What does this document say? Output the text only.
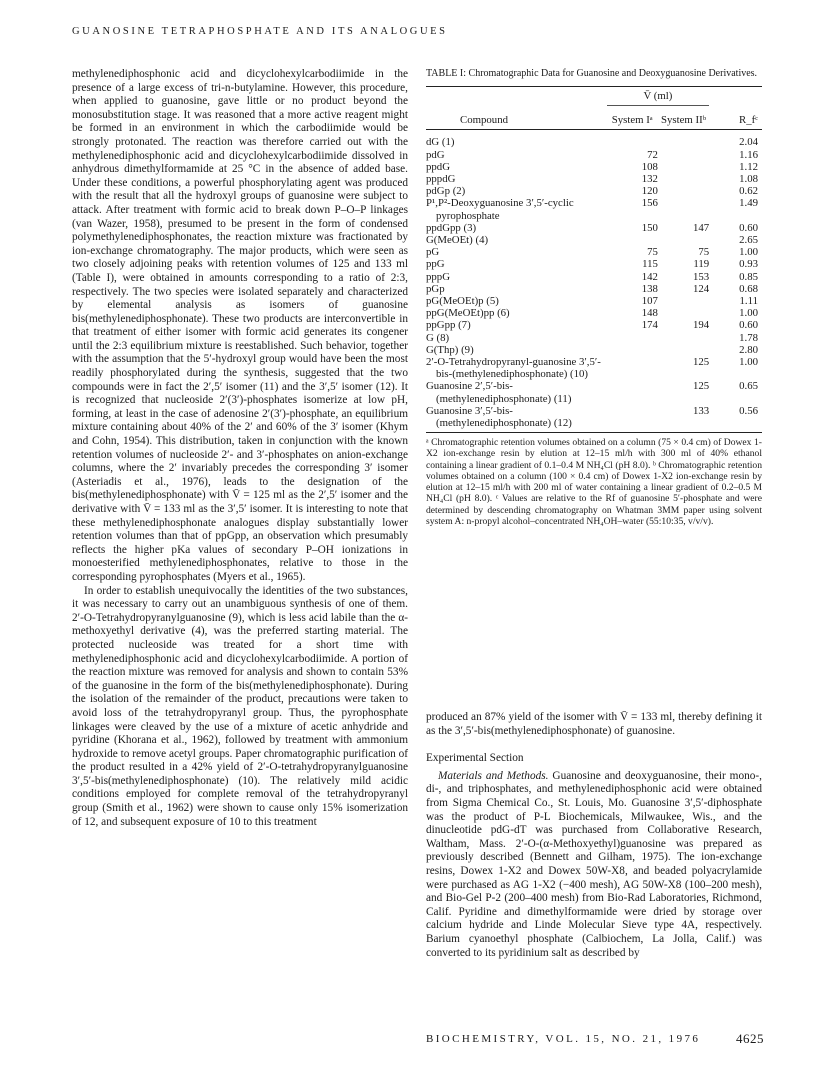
GUANOSINE TETRAPHOSPHATE AND ITS ANALOGUES

methylenediphosphonic acid and dicyclohexylcarbodiimide in the presence of a large excess of tri-n-butylamine. However, this procedure, when applied to guanosine, gave little or no product beyond the monosubstitution stage. It was reasoned that a more active reagent might be formed in an environment in which the carbodiimide would be strongly protonated. The reaction was therefore carried out with the methylenediphosphonic acid and dicyclohexylcarbodiimide dissolved in anhydrous dimethylformamide at 25 °C in the absence of added base. Under these conditions, a powerful phosphorylating agent was produced with the result that all the hydroxyl groups of guanosine were subject to attack. After treatment with formic acid to break down P–O–P linkages (van Wazer, 1958), presumed to be present in the form of condensed polymethylenediphosphonates, the reaction mixture was fractionated by ion-exchange chromatography. The major products, which were seen as two closely adjoining peaks with retention volumes of 125 and 133 ml (Table I), were obtained in amounts corresponding to a ratio of 2:3, respectively. The two species were isolated separately and characterized by elemental analysis as isomers of guanosine bis(methylenediphosphonate). These two products are interconvertible in that treatment of either isomer with formic acid generates its congener until the 2:3 equilibrium mixture is reestablished. Such behavior, together with the assumption that the 5′-hydroxyl group would have been the most readily phosphorylated during the synthesis, suggested that the two compounds were in fact the 2′,5′ isomer (11) and the 3′,5′ isomer (12). It is recognized that nucleoside 2′(3′)-phosphates isomerize at low pH, forming, at least in the case of adenosine 2′(3′)-phosphate, an equilibrium mixture containing about 40% of the 2′ and 60% of the 3′ isomer (Khym and Cohn, 1954). This distribution, taken in conjunction with the known retention volumes of nucleoside 2′- and 3′-phosphates on anion-exchange columns, where the 2′ invariably precedes the corresponding 3′ isomer (Asteriadis et al., 1976), leads to the designation of the bis(methylenediphosphonate) with V̄ = 125 ml as the 2′,5′ isomer and the derivative with V̄ = 133 ml as the 3′,5′ isomer. It is interesting to note that these methylenediphosphonate analogues display substantially lower retention volumes than that of ppGpp, an observation which presumably reflects the higher pKa values of secondary P–OH ionizations in monoesterified methylenediphosphonates, relative to those in the corresponding pyrophosphates (Myers et al., 1965).

In order to establish unequivocally the identities of the two substances, it was necessary to carry out an unambiguous synthesis of one of them. 2′-O-Tetrahydropyranylguanosine (9), which is less acid labile than the α-methoxyethyl derivative (4), was the preferred starting material. The protected nucleoside was treated for a short time with methylenediphosphonic acid and dicyclohexylcarbodiimide. A portion of the reaction mixture was removed for analysis and shown to contain 53% of the guanosine in the form of the bis(methylenediphosphonate). During the isolation of the remainder of the product, precautions were taken to avoid loss of the tetrahydropyranyl group. Thus, the pyrophosphate linkages were cleaved by the use of a mixture of acetic anhydride and pyridine (Khorana et al., 1962), followed by treatment with ammonium hydroxide to remove acetyl groups. Paper chromatographic purification of the product resulted in a 42% yield of 2′-O-tetrahydropyranylguanosine 3′,5′-bis(methylenediphosphonate) (10). The relatively mild acidic conditions employed for complete removal of the tetrahydropyranyl group (Smith et al., 1962) were shown to cause only 15% isomerization of 12, and subsequent exposure of 10 to this treatment

TABLE I: Chromatographic Data for Guanosine and Deoxyguanosine Derivatives.
	V̄ (ml)		
Compound	System Iᵃ	System IIᵇ	R_fᶜ
dG (1)			2.04
pdG	72		1.16
ppdG	108		1.12
pppdG	132		1.08
pdGp (2)	120		0.62
P¹,P²-Deoxyguanosine 3′,5′-cyclic pyrophosphate	156		1.49
ppdGpp (3)	150	147	0.60
G(MeOEt) (4)			2.65
pG	75	75	1.00
ppG	115	119	0.93
pppG	142	153	0.85
pGp	138	124	0.68
pG(MeOEt)p (5)	107		1.11
ppG(MeOEt)pp (6)	148		1.00
ppGpp (7)	174	194	0.60
G (8)			1.78
G(Thp) (9)			2.80
2′-O-Tetrahydropyranyl-guanosine 3′,5′-bis-(methylenediphosphonate) (10)		125	1.00
Guanosine 2′,5′-bis-(methylenediphosphonate) (11)		125	0.65
Guanosine 3′,5′-bis-(methylenediphosphonate) (12)		133	0.56
ᵃ Chromatographic retention volumes obtained on a column (75 × 0.4 cm) of Dowex 1-X2 ion-exchange resin by elution at 12–15 ml/h with 300 ml of 40% ethanol containing a linear gradient of 0.1–0.4 M NH₄Cl (pH 8.0). ᵇ Chromatographic retention volumes obtained on a column (100 × 0.4 cm) of Dowex 1-X2 ion-exchange resin by elution at 12–15 ml/h with 200 ml of water containing a linear gradient of 0.2–0.5 M NH₄Cl (pH 8.0). ᶜ Values are relative to the Rf of guanosine 5′-phosphate and were determined by descending chromatography on Whatman 3MM paper using solvent system A: n-propyl alcohol–concentrated NH₄OH–water (55:10:35, v/v/v).

produced an 87% yield of the isomer with V̄ = 133 ml, thereby defining it as the 3′,5′-bis(methylenediphosphonate) of guanosine.

Experimental Section

Materials and Methods. Guanosine and deoxyguanosine, their mono-, di-, and triphosphates, and methylenediphosphonic acid were obtained from Sigma Chemical Co., St. Louis, Mo. Guanosine 3′,5′-diphosphate was the product of P-L Biochemicals, Milwaukee, Wis., and the dinucleotide pdG-dT was purchased from Collaborative Research, Waltham, Mass. 2′-O-(α-Methoxyethyl)guanosine was prepared as previously described (Bennett and Gilham, 1975). The ion-exchange resins, Dowex 1-X2 and Dowex 50W-X8, and beaded polyacrylamide were purchased as AG 1-X2 (−400 mesh), AG 50W-X8 (100–200 mesh), and Bio-Gel P-2 (200–400 mesh) from Bio-Rad Laboratories, Richmond, Calif. Pyridine and dimethylformamide were dried by storage over calcium hydride and Linde Molecular Sieve type 4A, respectively. Barium cyanoethyl phosphate (Calbiochem, La Jolla, Calif.) was converted to its pyridinium salt as described by

BIOCHEMISTRY, VOL. 15, NO. 21, 1976	4625
